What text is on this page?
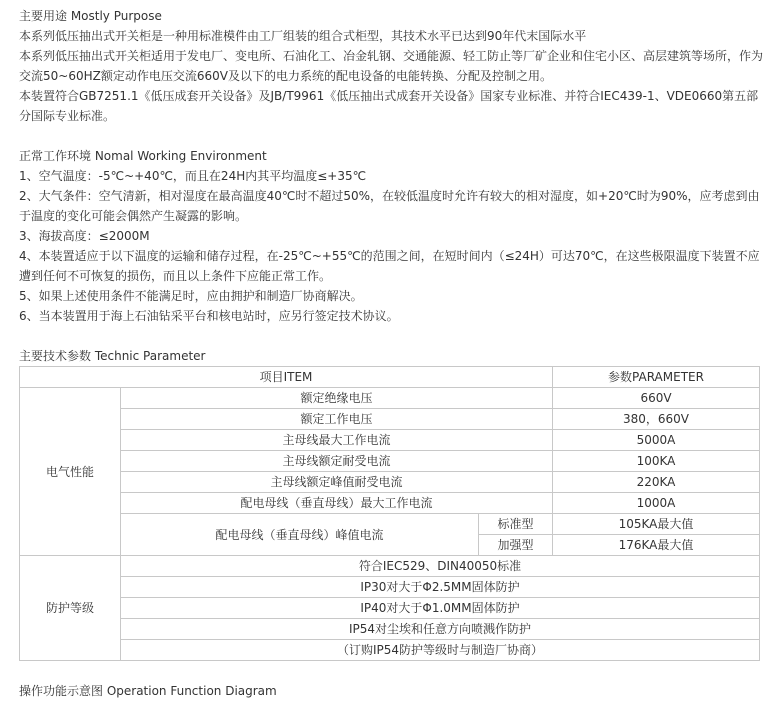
主要用途 Mostly Purpose

本系列低压抽出式开关柜是一种用标准模件由工厂组装的组合式柜型，其技术水平已达到90年代末国际水平

本系列低压抽出式开关柜适用于发电厂、变电所、石油化工、冶金轧钢、交通能源、轻工防止等厂矿企业和住宅小区、高层建筑等场所，作为交流50~60HZ额定动作电压交流660V及以下的电力系统的配电设备的电能转换、分配及控制之用。

本装置符合GB7251.1《低压成套开关设备》及JB/T9961《低压抽出式成套开关设备》国家专业标准、并符合IEC439-1、VDE0660第五部分国际专业标准。

正常工作环境 Nomal Working Environment

1、空气温度：-5℃~+40℃，而且在24H内其平均温度≤+35℃

2、大气条件：空气清新，相对湿度在最高温度40℃时不超过50%，在较低温度时允许有较大的相对湿度，如+20℃时为90%，应考虑到由于温度的变化可能会偶然产生凝露的影响。

3、海拔高度：≤2000M

4、本装置适应于以下温度的运输和储存过程，在-25℃~+55℃的范围之间，在短时间内（≤24H）可达70℃，在这些极限温度下装置不应遭到任何不可恢复的损伤，而且以上条件下应能正常工作。

5、如果上述使用条件不能满足时，应由拥护和制造厂协商解决。

6、当本装置用于海上石油钻采平台和核电站时，应另行签定技术协议。

主要技术参数 Technic Parameter

项目ITEM			参数PARAMETER
电气性能	额定绝缘电压		660V
	额定工作电压		380，660V
	主母线最大工作电流		5000A
	主母线额定耐受电流		100KA
	主母线额定峰值耐受电流		220KA
	配电母线（垂直母线）最大工作电流		1000A
	配电母线（垂直母线）峰值电流	标准型	105KA最大值
		加强型	176KA最大值
防护等级	符合IEC529、DIN40050标准		
	IP30对大于Φ2.5MM固体防护		
	IP40对大于Φ1.0MM固体防护		
	IP54对尘埃和任意方向喷溅作防护		
	（订购IP54防护等级时与制造厂协商）		
操作功能示意图 Operation Function Diagram
